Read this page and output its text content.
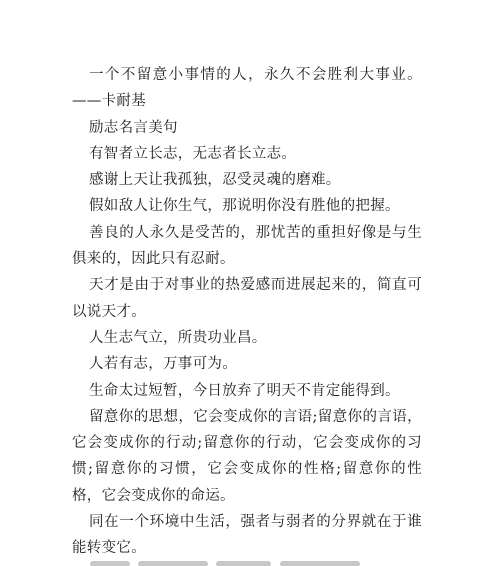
一个不留意小事情的人，永久不会胜利大事业。——卡耐基

励志名言美句

有智者立长志，无志者长立志。

感谢上天让我孤独，忍受灵魂的磨难。

假如敌人让你生气，那说明你没有胜他的把握。

善良的人永久是受苦的，那忧苦的重担好像是与生俱来的，因此只有忍耐。

天才是由于对事业的热爱感而进展起来的，简直可以说天才。

人生志气立，所贵功业昌。

人若有志，万事可为。

生命太过短暂，今日放弃了明天不肯定能得到。

留意你的思想，它会变成你的言语;留意你的言语，它会变成你的行动;留意你的行动，它会变成你的习惯;留意你的习惯，它会变成你的性格;留意你的性格，它会变成你的命运。

同在一个环境中生活，强者与弱者的分界就在于谁能转变它。
